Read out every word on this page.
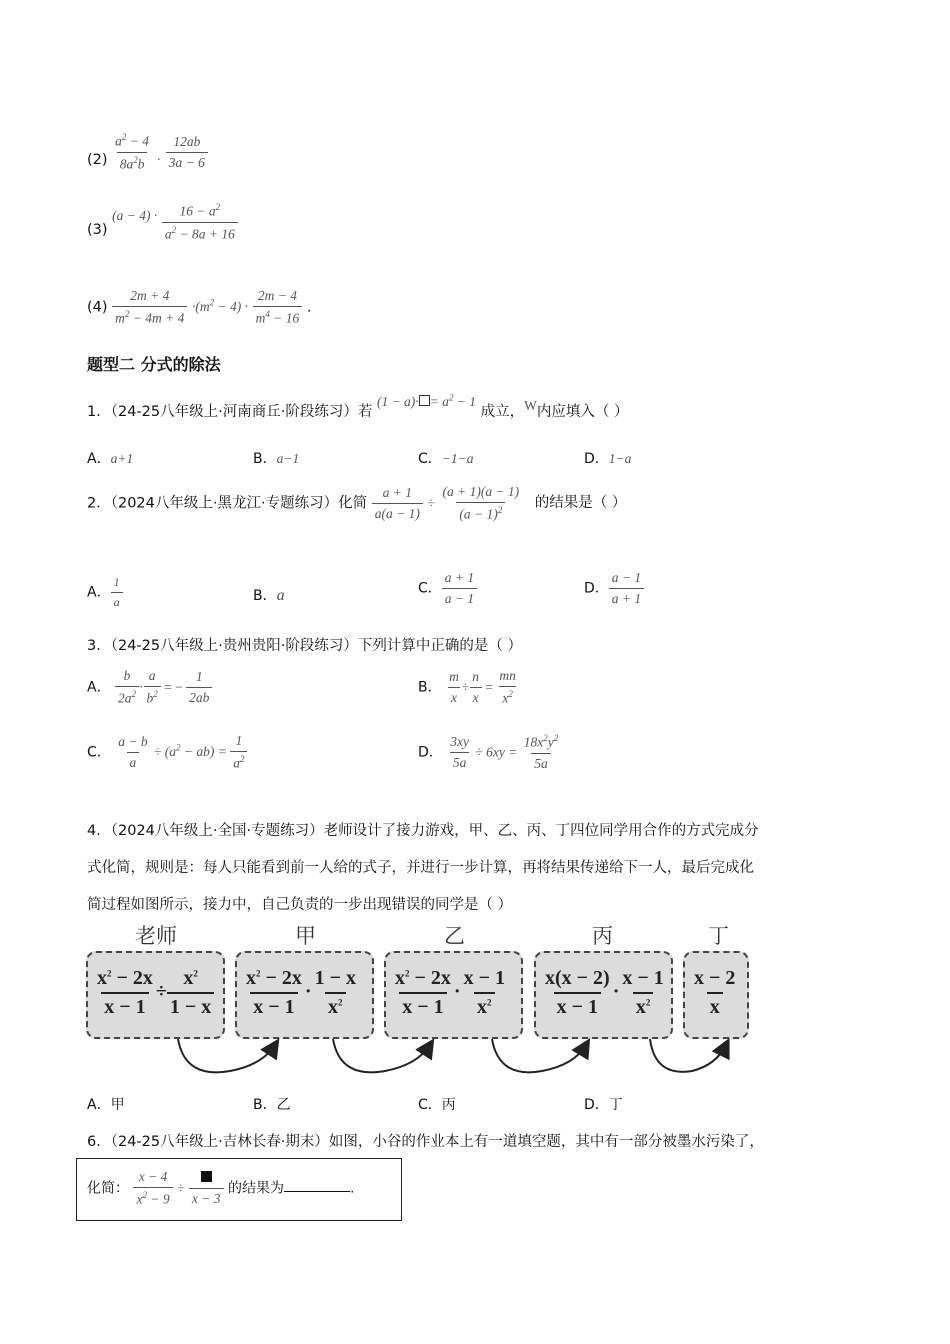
$(2) \frac{a^2 - 4}{8a^2b} \cdot \frac{12ab}{3a - 6}$
(3) $(a - 4) \cdot \frac{16 - a^2}{a^2 - 8a + 16}$
$(4) \frac{2m + 4}{m^2 - 4m + 4} \cdot(m^2 - 4) \cdot \frac{2m - 4}{m^4 - 16}$ .
题型二 分式的除法
1．（24-25八年级上·河南商丘·阶段练习）若 $(1 - a)\cdot = a^2 - 1$ 成立，W内应填入（ ）
A．a+1	B．a−1	C．−1−a	D．1−a
2．（2024八年级上·黑龙江·专题练习）化简 $\frac{a + 1}{a(a - 1)} \div \frac{(a + 1)(a - 1)}{(a - 1)^2}$ 的结果是（ ）
A． $\frac{1}{a}$	B．a	C． $\frac{a + 1}{a - 1}$	D． $\frac{a - 1}{a + 1}$
3．（24-25八年级上·贵州贵阳·阶段练习）下列计算中正确的是（ ）
A． $\frac{b}{2a^2} \cdot \frac{a}{b^2}$ = − $\frac{1}{2ab}$	B． $\frac{m}{x} \div \frac{n}{x} = \frac{mn}{x^2}$
C． $\frac{a - b}{a} \div (a^2 - ab) = \frac{1}{a^2}$	D． $\frac{3xy}{5a} \div 6xy = \frac{18x^2y^2}{5a}$
4．（2024八年级上·全国·专题练习）老师设计了接力游戏，甲、乙、丙、丁四位同学用合作的方式完成分
式化简，规则是：每人只能看到前一人给的式子，并进行一步计算，再将结果传递给下一人，最后完成化
简过程如图所示，接力中，自己负责的一步出现错误的同学是（ ）
老师	甲	乙	丙	丁
$\frac{x^2 - 2x}{x - 1} \div \frac{x^2}{1 - x} \frac{x^2 - 2x}{x - 1} \cdot \frac{1 - x}{x^2} \frac{x^2 - 2x}{x - 1} \cdot \frac{x - 1}{x^2} \frac{x(x - 2)}{x - 1} \cdot \frac{x - 1}{x^2} \frac{x - 2}{x}$
A．甲	B．乙	C．丙	D．丁
6．（24-25八年级上·吉林长春·期末）如图，小谷的作业本上有一道填空题，其中有一部分被墨水污染了，
化简： $\frac{x - 4}{x^2 - 9}$ ÷
x − 3
的结果为	.
